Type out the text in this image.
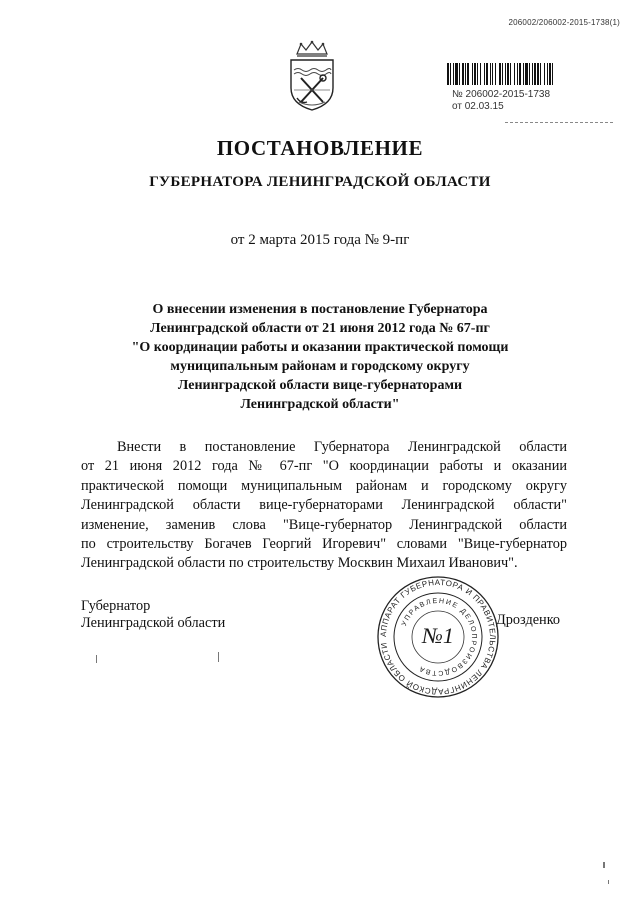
206002/206002-2015-1738(1)
№ 206002-2015-1738
от 02.03.15
ПОСТАНОВЛЕНИЕ
ГУБЕРНАТОРА ЛЕНИНГРАДСКОЙ ОБЛАСТИ
от 2 марта 2015 года № 9-пг
О внесении изменения в постановление Губернатора
Ленинградской области от 21 июня 2012 года № 67-пг
"О координации работы и оказании практической помощи
муниципальным районам и городскому округу
Ленинградской области вице-губернаторами
Ленинградской области"
Внести в постановление Губернатора Ленинградской области
от 21 июня 2012 года № 67-пг "О координации работы и оказании
практической помощи муниципальным районам и городскому округу
Ленинградской области вице-губернаторами Ленинградской области"
изменение, заменив слова "Вице-губернатор Ленинградской области
по строительству Богачев Георгий Игоревич" словами "Вице-губернатор
Ленинградской области по строительству Москвин Михаил Иванович".
Губернатор
Ленинградской области	Дрозденко
АППАРАТ ГУБЕРНАТОРА И ПРАВИТЕЛЬСТВА ЛЕНИНГРАДСКОЙ ОБЛАСТИ
УПРАВЛЕНИЕ ДЕЛОПРОИЗВОДСТВА
№1
